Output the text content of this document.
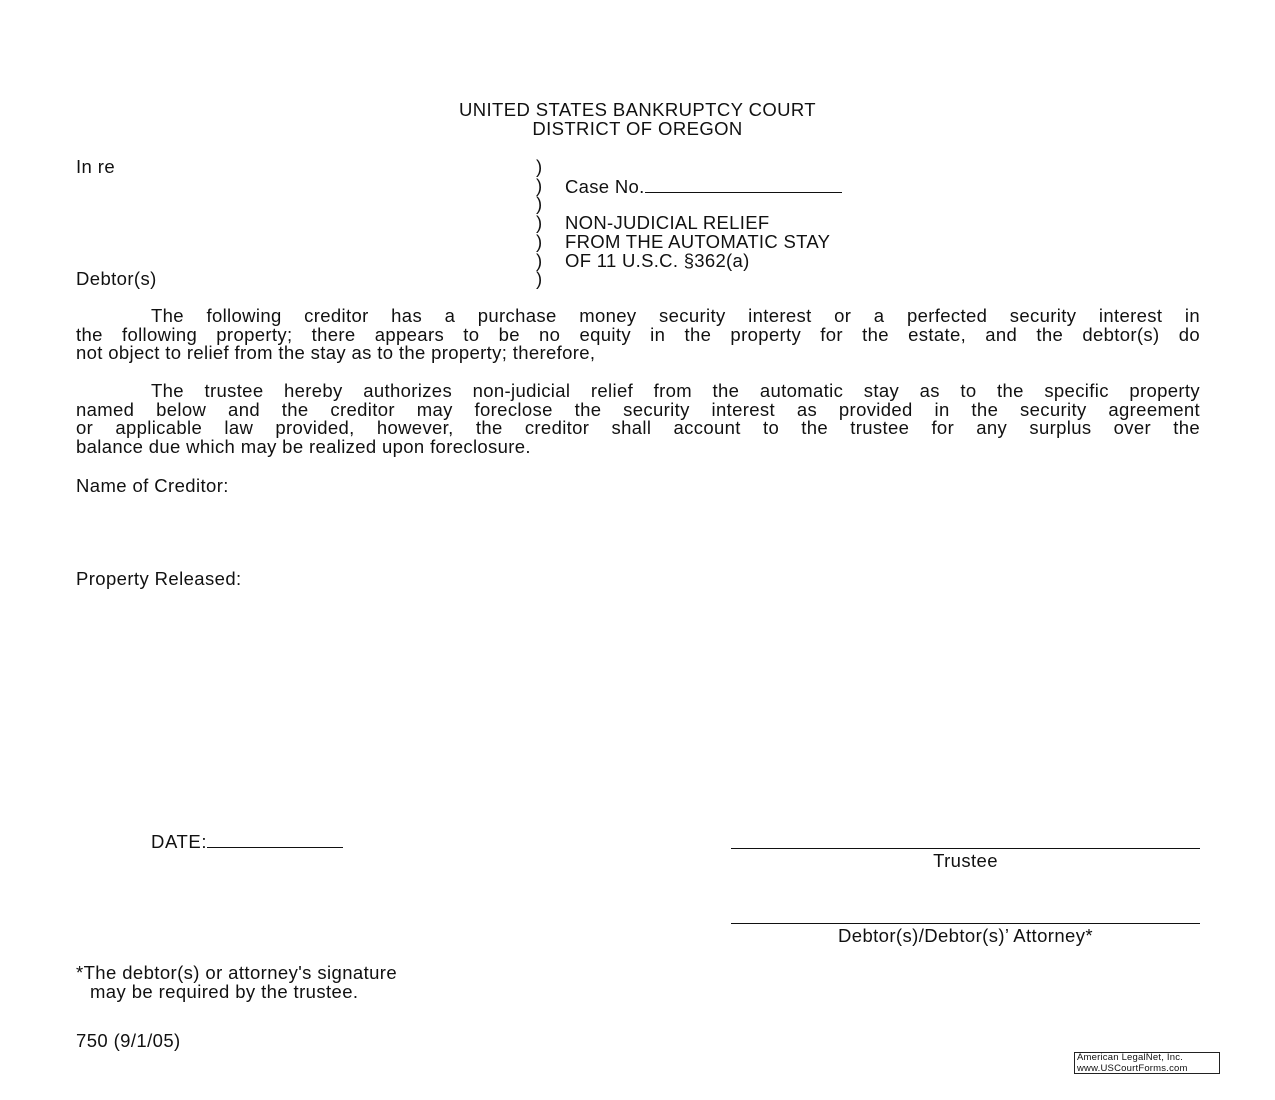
UNITED STATES BANKRUPTCY COURT
DISTRICT OF OREGON
In re
Debtor(s)
)
)
)
)
)
)
)
Case No.
NON-JUDICIAL RELIEF
FROM THE AUTOMATIC STAY
OF 11 U.S.C. §362(a)
The following creditor has a purchase money security interest or a perfected security interest in
the following property; there appears to be no equity in the property for the estate, and the debtor(s) do
not object to relief from the stay as to the property; therefore,
The trustee hereby authorizes non-judicial relief from the automatic stay as to the specific property
named below and the creditor may foreclose the security interest as provided in the security agreement
or applicable law provided, however, the creditor shall account to the trustee for any surplus over the
balance due which may be realized upon foreclosure.
Name of Creditor:
Property Released:
DATE:
Trustee
Debtor(s)/Debtor(s)’ Attorney*
*The debtor(s) or attorney's signature
may be required by the trustee.
750 (9/1/05)
American LegalNet, Inc.
www.USCourtForms.com
